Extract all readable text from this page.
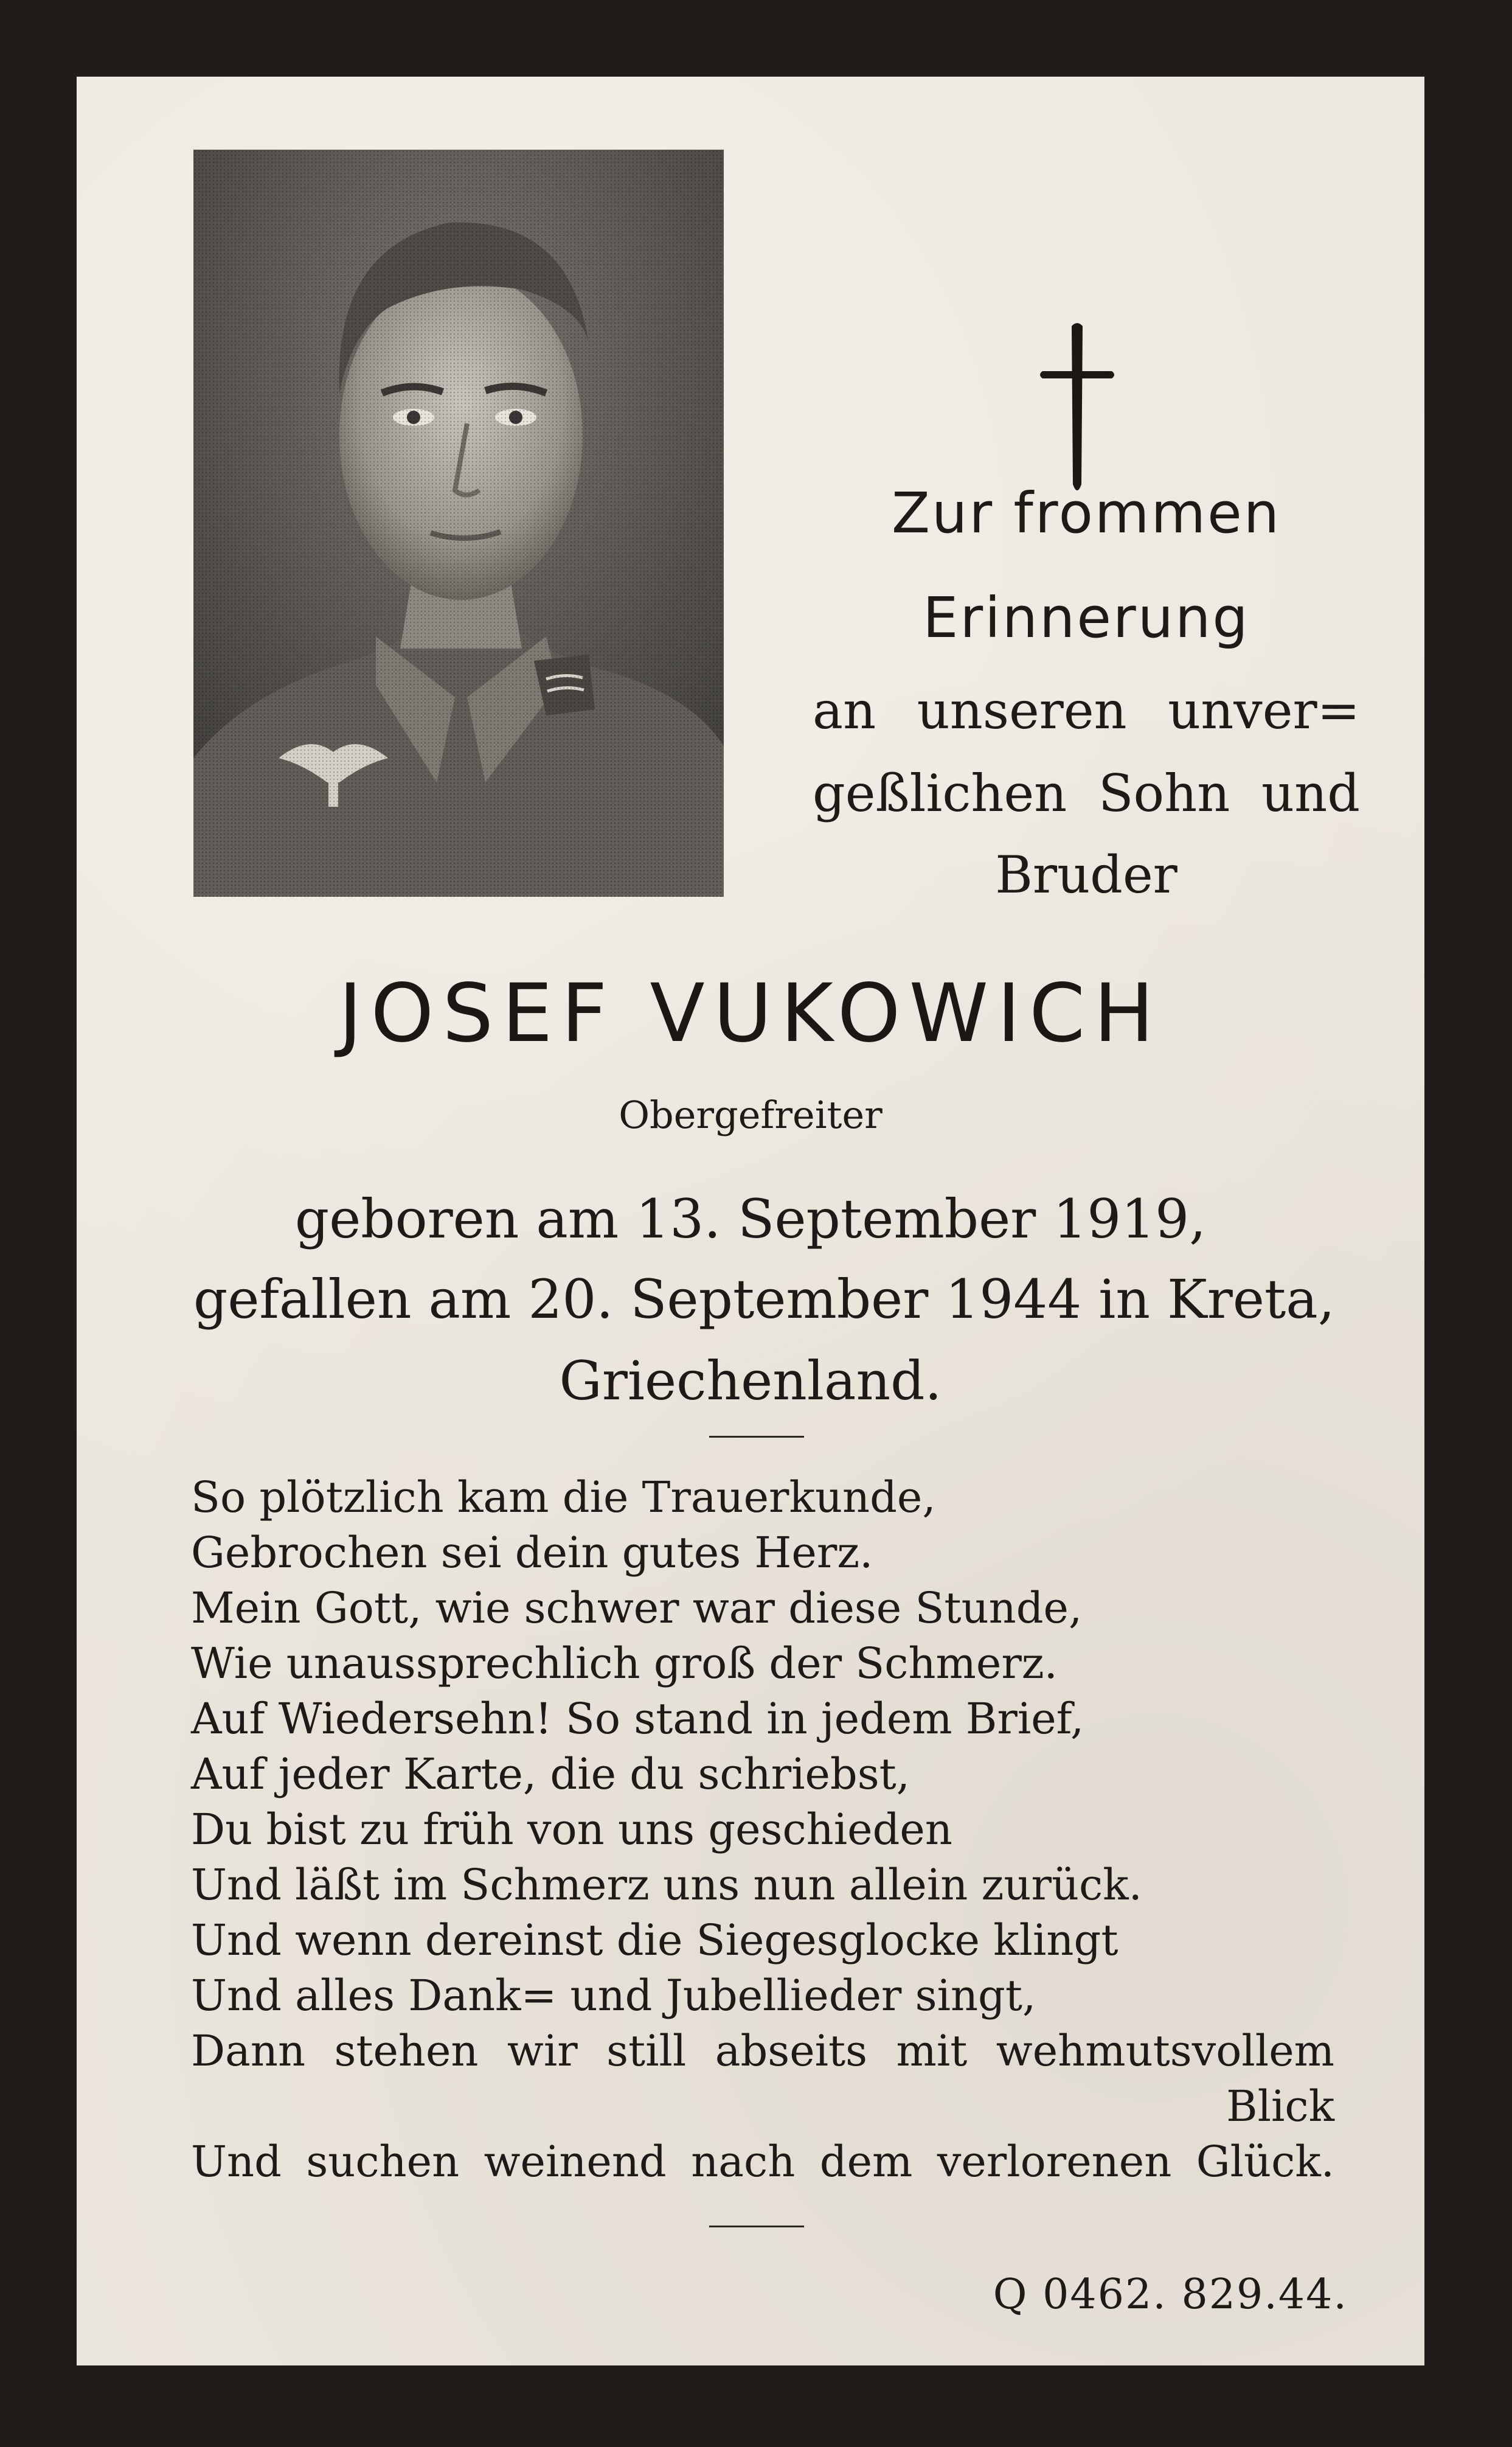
Zur frommen
Erinnerung
an unseren unver=
geßlichen Sohn und
Bruder
JOSEF VUKOWICH
Obergefreiter
geboren am 13. September 1919,
gefallen am 20. September 1944 in Kreta,
Griechenland.
So plötzlich kam die Trauerkunde,
Gebrochen sei dein gutes Herz.
Mein Gott, wie schwer war diese Stunde,
Wie unaussprechlich groß der Schmerz.
Auf Wiedersehn! So stand in jedem Brief,
Auf jeder Karte, die du schriebst,
Du bist zu früh von uns geschieden
Und läßt im Schmerz uns nun allein zurück.
Und wenn dereinst die Siegesglocke klingt
Und alles Dank= und Jubellieder singt,
Dann stehen wir still abseits mit wehmutsvollem
Blick
Und suchen weinend nach dem verlorenen Glück.
Q 0462. 829.44.
